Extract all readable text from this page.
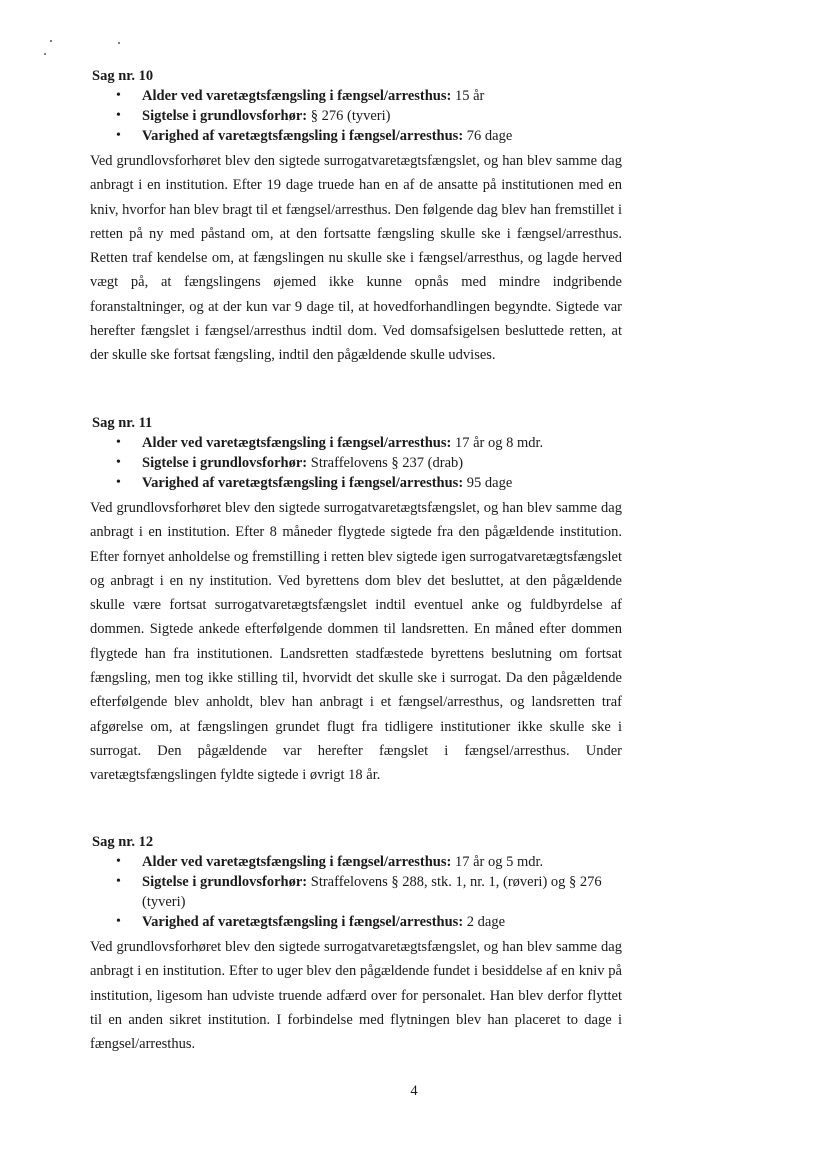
Sag nr. 10
• Alder ved varetægtsfængsling i fængsel/arresthus: 15 år
• Sigtelse i grundlovsforhør: § 276 (tyveri)
• Varighed af varetægtsfængsling i fængsel/arresthus: 76 dage

Ved grundlovsforhøret blev den sigtede surrogatvaretægtsfængslet, og han blev samme dag anbragt i en institution. Efter 19 dage truede han en af de ansatte på institutionen med en kniv, hvorfor han blev bragt til et fængsel/arresthus. Den følgende dag blev han fremstillet i retten på ny med påstand om, at den fortsatte fængsling skulle ske i fængsel/arresthus. Retten traf kendelse om, at fængslingen nu skulle ske i fængsel/arresthus, og lagde herved vægt på, at fængslingens øjemed ikke kunne opnås med mindre indgribende foranstaltninger, og at der kun var 9 dage til, at hovedforhandlingen begyndte. Sigtede var herefter fængslet i fængsel/arresthus indtil dom. Ved domsafsigelsen besluttede retten, at der skulle ske fortsat fængsling, indtil den pågældende skulle udvises.

Sag nr. 11
• Alder ved varetægtsfængsling i fængsel/arresthus: 17 år og 8 mdr.
• Sigtelse i grundlovsforhør: Straffelovens § 237 (drab)
• Varighed af varetægtsfængsling i fængsel/arresthus: 95 dage

Ved grundlovsforhøret blev den sigtede surrogatvaretægtsfængslet, og han blev samme dag anbragt i en institution. Efter 8 måneder flygtede sigtede fra den pågældende institution. Efter fornyet anholdelse og fremstilling i retten blev sigtede igen surrogatvaretægtsfængslet og anbragt i en ny institution. Ved byrettens dom blev det besluttet, at den pågældende skulle være fortsat surrogatvaretægtsfængslet indtil eventuel anke og fuldbyrdelse af dommen. Sigtede ankede efterfølgende dommen til landsretten. En måned efter dommen flygtede han fra institutionen. Landsretten stadfæstede byrettens beslutning om fortsat fængsling, men tog ikke stilling til, hvorvidt det skulle ske i surrogat. Da den pågældende efterfølgende blev anholdt, blev han anbragt i et fængsel/arresthus, og landsretten traf afgørelse om, at fængslingen grundet flugt fra tidligere institutioner ikke skulle ske i surrogat. Den pågældende var herefter fængslet i fængsel/arresthus. Under varetægtsfængslingen fyldte sigtede i øvrigt 18 år.

Sag nr. 12
• Alder ved varetægtsfængsling i fængsel/arresthus: 17 år og 5 mdr.
• Sigtelse i grundlovsforhør: Straffelovens § 288, stk. 1, nr. 1, (røveri) og § 276 (tyveri)
• Varighed af varetægtsfængsling i fængsel/arresthus: 2 dage

Ved grundlovsforhøret blev den sigtede surrogatvaretægtsfængslet, og han blev samme dag anbragt i en institution. Efter to uger blev den pågældende fundet i besiddelse af en kniv på institution, ligesom han udviste truende adfærd over for personalet. Han blev derfor flyttet til en anden sikret institution. I forbindelse med flytningen blev han placeret to dage i fængsel/arresthus.

4
